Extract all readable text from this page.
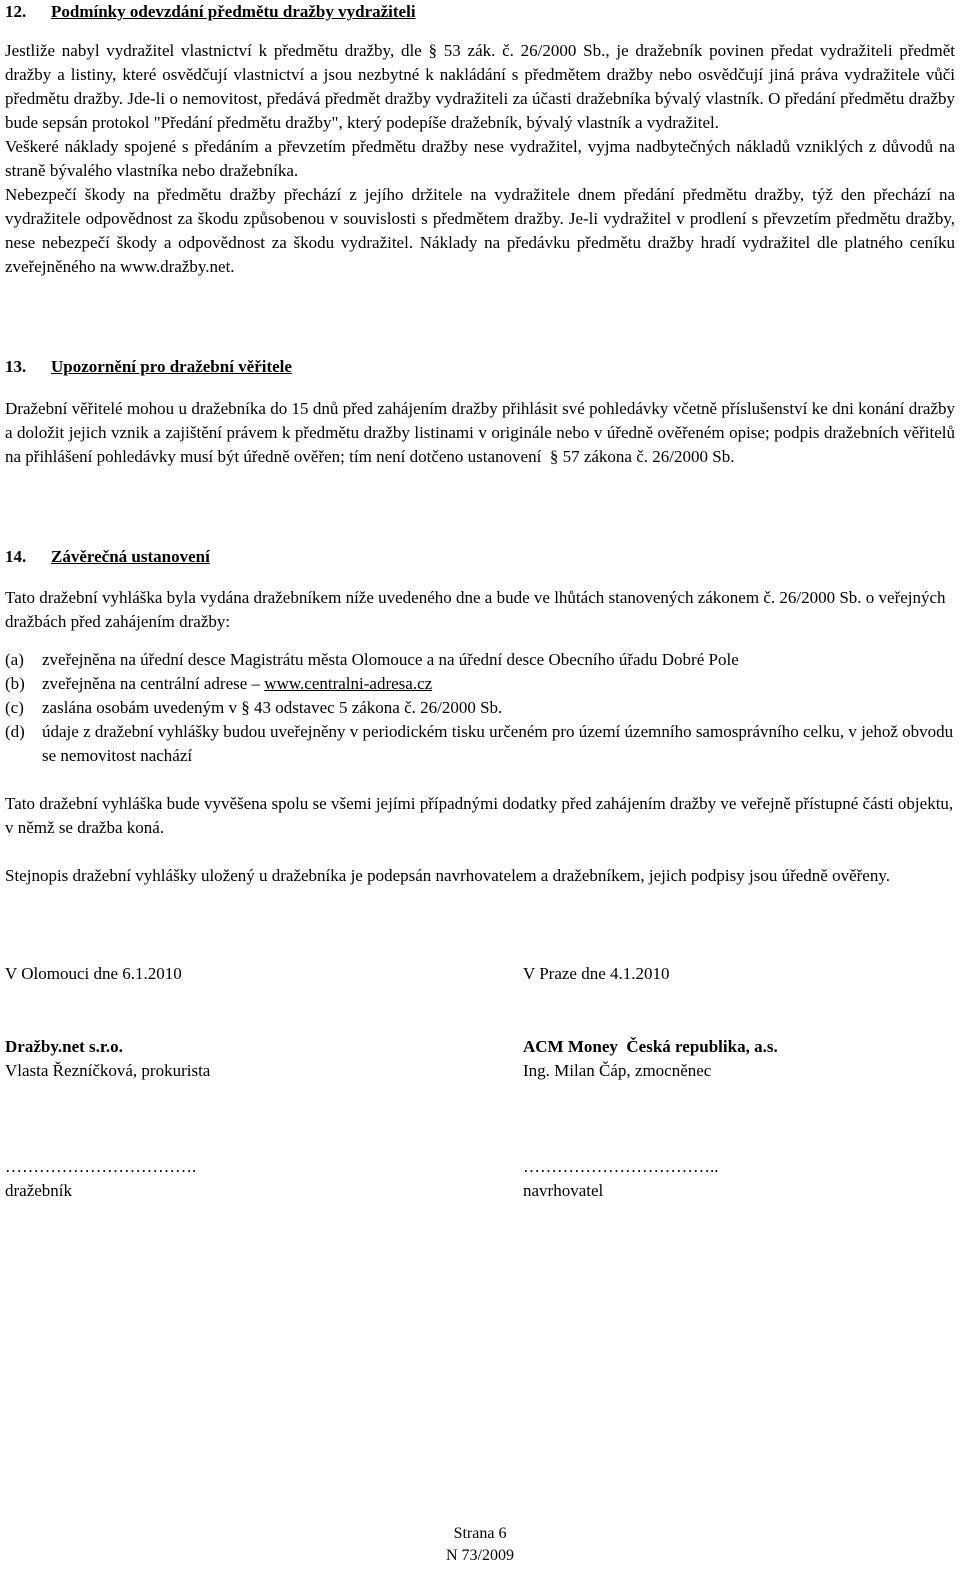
12. Podmínky odevzdání předmětu dražby vydražiteli

Jestliže nabyl vydražitel vlastnictví k předmětu dražby, dle § 53 zák. č. 26/2000 Sb., je dražebník povinen předat vydražiteli předmět dražby a listiny, které osvědčují vlastnictví a jsou nezbytné k nakládání s předmětem dražby nebo osvědčují jiná práva vydražitele vůči předmětu dražby. Jde-li o nemovitost, předává předmět dražby vydražiteli za účasti dražebníka bývalý vlastník. O předání předmětu dražby bude sepsán protokol "Předání předmětu dražby", který podepíše dražebník, bývalý vlastník a vydražitel.

Veškeré náklady spojené s předáním a převzetím předmětu dražby nese vydražitel, vyjma nadbytečných nákladů vzniklých z důvodů na straně bývalého vlastníka nebo dražebníka.

Nebezpečí škody na předmětu dražby přechází z jejího držitele na vydražitele dnem předání předmětu dražby, týž den přechází na vydražitele odpovědnost za škodu způsobenou v souvislosti s předmětem dražby. Je-li vydražitel v prodlení s převzetím předmětu dražby, nese nebezpečí škody a odpovědnost za škodu vydražitel. Náklady na předávku předmětu dražby hradí vydražitel dle platného ceníku zveřejněného na www.dražby.net.

13. Upozornění pro dražební věřitele

Dražební věřitelé mohou u dražebníka do 15 dnů před zahájením dražby přihlásit své pohledávky včetně příslušenství ke dni konání dražby a doložit jejich vznik a zajištění právem k předmětu dražby listinami v originále nebo v úředně ověřeném opise; podpis dražebních věřitelů na přihlášení pohledávky musí být úředně ověřen; tím není dotčeno ustanovení § 57 zákona č. 26/2000 Sb.

14. Závěrečná ustanovení

Tato dražební vyhláška byla vydána dražebníkem níže uvedeného dne a bude ve lhůtách stanovených zákonem č. 26/2000 Sb. o veřejných dražbách před zahájením dražby:

(a)	zveřejněna na úřední desce Magistrátu města Olomouce a na úřední desce Obecního úřadu Dobré Pole
(b)	zveřejněna na centrální adrese – www.centralni-adresa.cz
(c)	zaslána osobám uvedeným v § 43 odstavec 5 zákona č. 26/2000 Sb.
(d)	údaje z dražební vyhlášky budou uveřejněny v periodickém tisku určeném pro území územního samosprávního celku, v jehož obvodu se nemovitost nachází

Tato dražební vyhláška bude vyvěšena spolu se všemi jejími případnými dodatky před zahájením dražby ve veřejně přístupné části objektu, v němž se dražba koná.

Stejnopis dražební vyhlášky uložený u dražebníka je podepsán navrhovatelem a dražebníkem, jejich podpisy jsou úředně ověřeny.

V Olomouci dne 6.1.2010	V Praze dne 4.1.2010
Dražby.net s.r.o.	ACM Money  Česká republika, a.s.
Vlasta Řezníčková, prokurista	Ing. Milan Čáp, zmocněnec
…………………………….	……………………………..
dražebník	navrhovatel
Strana 6
N 73/2009
